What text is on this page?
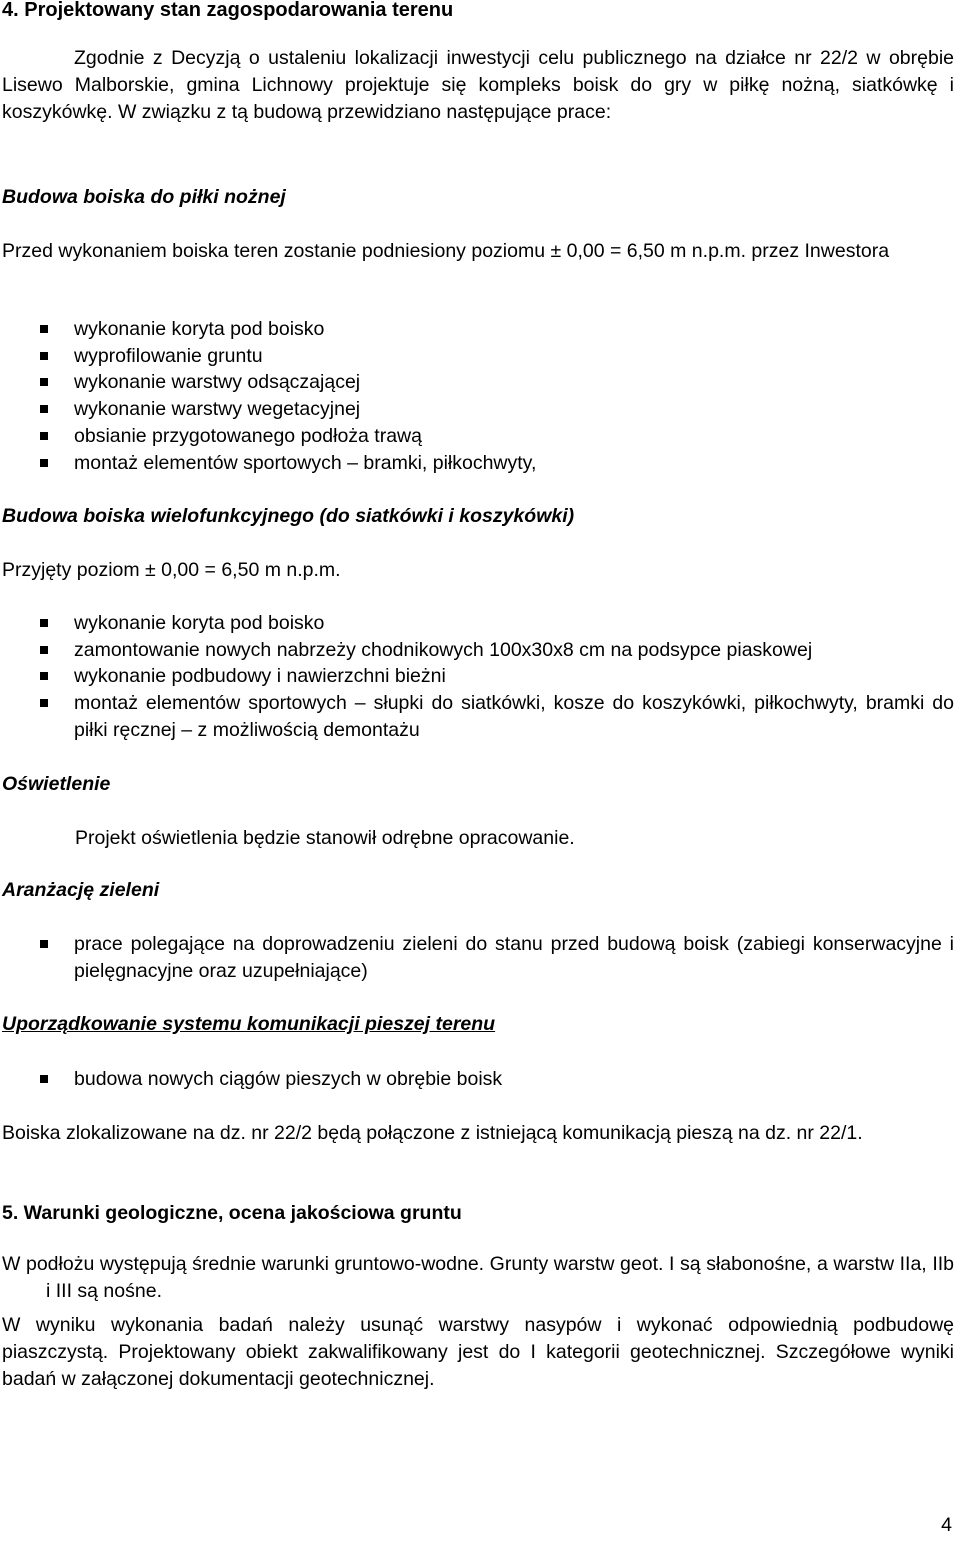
4. Projektowany stan zagospodarowania terenu

Zgodnie z Decyzją o ustaleniu lokalizacji inwestycji celu publicznego na działce nr 22/2 w obrębie Lisewo Malborskie, gmina Lichnowy projektuje się kompleks boisk do gry w piłkę nożną, siatkówkę i koszykówkę. W związku z tą budową przewidziano następujące prace:

Budowa boiska do piłki nożnej

Przed wykonaniem boiska teren zostanie podniesiony poziomu ± 0,00 = 6,50 m n.p.m. przez Inwestora

wykonanie koryta pod boisko
wyprofilowanie gruntu
wykonanie warstwy odsączającej
wykonanie warstwy wegetacyjnej
obsianie przygotowanego podłoża trawą
montaż elementów sportowych – bramki, piłkochwyty,

Budowa boiska wielofunkcyjnego (do siatkówki i koszykówki)

Przyjęty poziom ± 0,00 = 6,50 m n.p.m.

wykonanie koryta pod boisko
zamontowanie nowych nabrzeży chodnikowych 100x30x8 cm na podsypce piaskowej
wykonanie podbudowy i nawierzchni bieżni
montaż elementów sportowych – słupki do siatkówki, kosze do koszykówki, piłkochwyty, bramki do piłki ręcznej – z możliwością demontażu

Oświetlenie

Projekt oświetlenia będzie stanowił odrębne opracowanie.

Aranżację zieleni

prace polegające na doprowadzeniu zieleni do stanu przed budową boisk (zabiegi konserwacyjne i pielęgnacyjne oraz uzupełniające)

Uporządkowanie systemu komunikacji pieszej terenu

budowa nowych ciągów pieszych w obrębie boisk

Boiska zlokalizowane na dz. nr 22/2 będą połączone z istniejącą komunikacją pieszą na dz. nr 22/1.

5. Warunki geologiczne, ocena jakościowa gruntu

W podłożu występują średnie warunki gruntowo-wodne. Grunty warstw geot. I są słabonośne, a warstw IIa, IIb i III są nośne.

W wyniku wykonania badań należy usunąć warstwy nasypów i wykonać odpowiednią podbudowę piaszczystą. Projektowany obiekt zakwalifikowany jest do I kategorii geotechnicznej. Szczegółowe wyniki badań w załączonej dokumentacji geotechnicznej.

4
